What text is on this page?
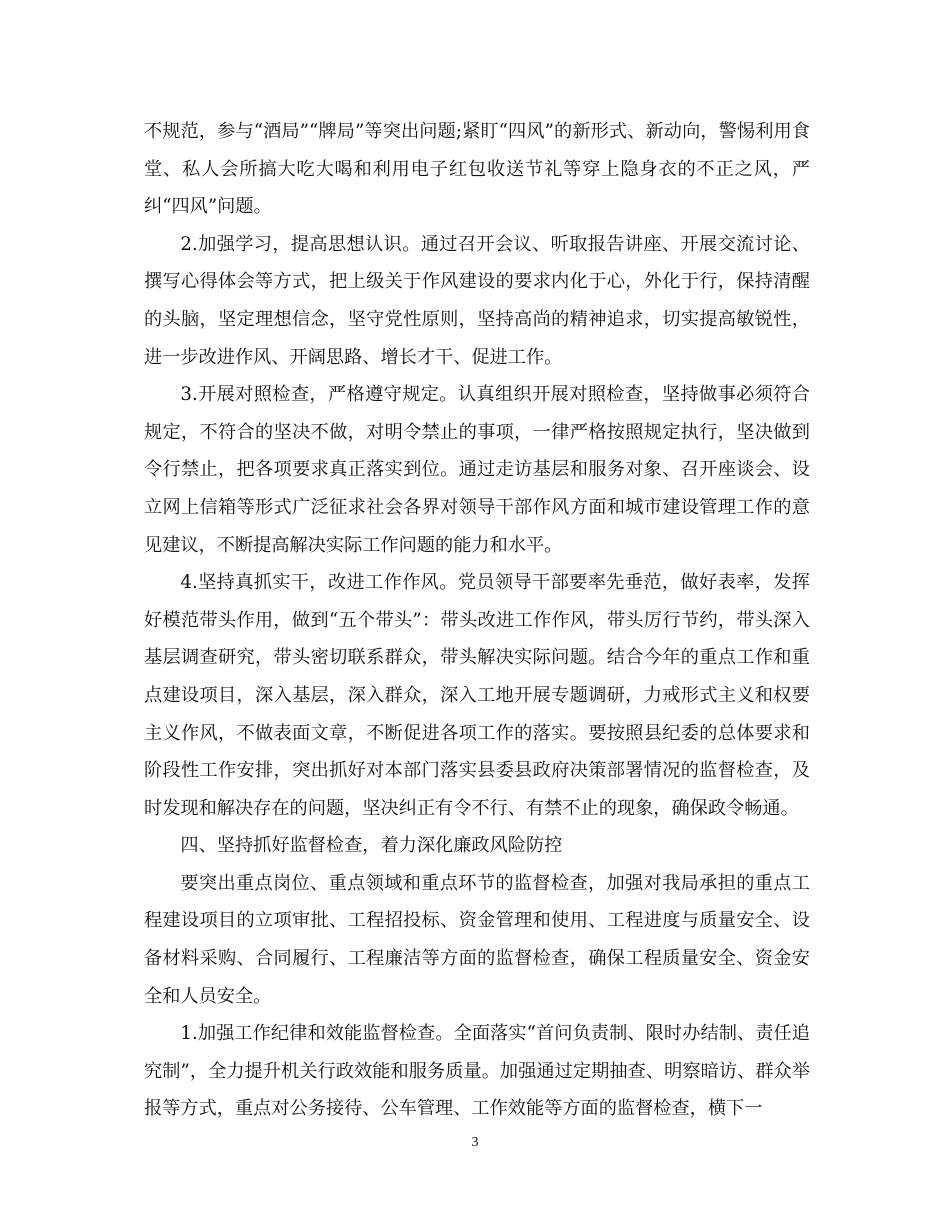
不规范，参与“酒局”“牌局”等突出问题;紧盯“四风”的新形式、新动向，警惕利用食堂、私人会所搞大吃大喝和利用电子红包收送节礼等穿上隐身衣的不正之风，严纠“四风”问题。

2.加强学习，提高思想认识。通过召开会议、听取报告讲座、开展交流讨论、撰写心得体会等方式，把上级关于作风建设的要求内化于心，外化于行，保持清醒的头脑，坚定理想信念，坚守党性原则，坚持高尚的精神追求，切实提高敏锐性，进一步改进作风、开阔思路、增长才干、促进工作。

3.开展对照检查，严格遵守规定。认真组织开展对照检查，坚持做事必须符合规定，不符合的坚决不做，对明令禁止的事项，一律严格按照规定执行，坚决做到令行禁止，把各项要求真正落实到位。通过走访基层和服务对象、召开座谈会、设立网上信箱等形式广泛征求社会各界对领导干部作风方面和城市建设管理工作的意见建议，不断提高解决实际工作问题的能力和水平。

4.坚持真抓实干，改进工作作风。党员领导干部要率先垂范，做好表率，发挥好模范带头作用，做到“五个带头”：带头改进工作作风，带头厉行节约，带头深入基层调查研究，带头密切联系群众，带头解决实际问题。结合今年的重点工作和重点建设项目，深入基层，深入群众，深入工地开展专题调研，力戒形式主义和权要主义作风，不做表面文章，不断促进各项工作的落实。要按照县纪委的总体要求和阶段性工作安排，突出抓好对本部门落实县委县政府决策部署情况的监督检查，及时发现和解决存在的问题，坚决纠正有令不行、有禁不止的现象，确保政令畅通。

四、坚持抓好监督检查，着力深化廉政风险防控

要突出重点岗位、重点领域和重点环节的监督检查，加强对我局承担的重点工程建设项目的立项审批、工程招投标、资金管理和使用、工程进度与质量安全、设备材料采购、合同履行、工程廉洁等方面的监督检查，确保工程质量安全、资金安全和人员安全。

1.加强工作纪律和效能监督检查。全面落实“首问负责制、限时办结制、责任追究制”，全力提升机关行政效能和服务质量。加强通过定期抽查、明察暗访、群众举报等方式，重点对公务接待、公车管理、工作效能等方面的监督检查，横下一

3
